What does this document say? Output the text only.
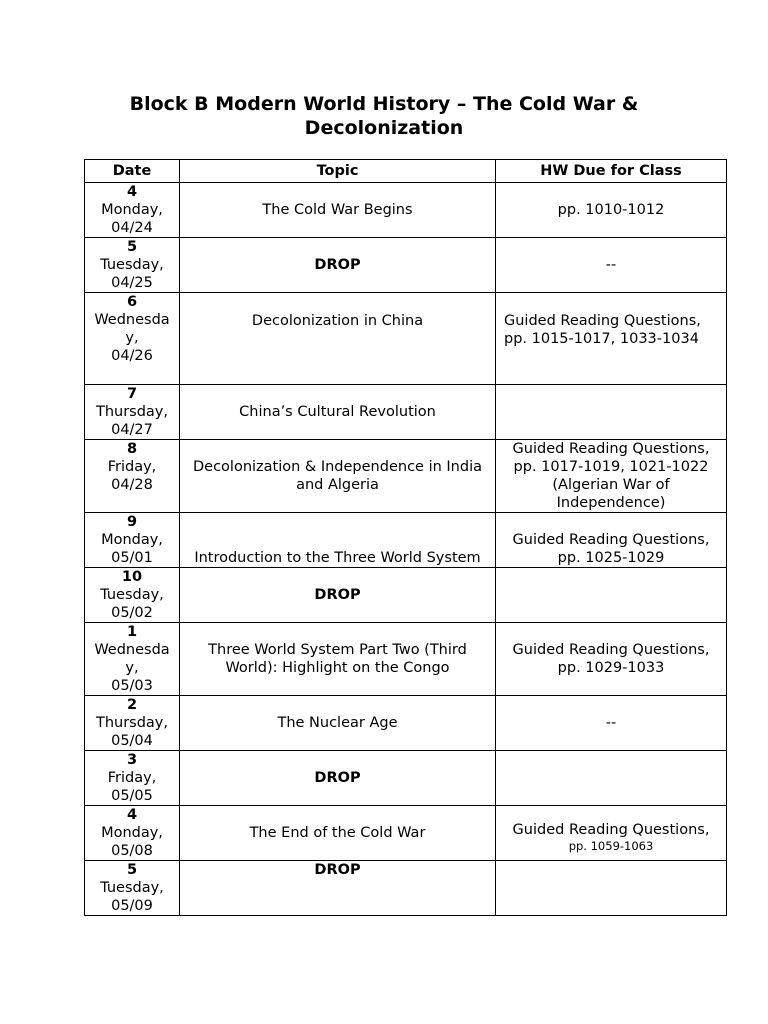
Block B Modern World History – The Cold War &
Decolonization
Date	Topic	HW Due for Class

4
Monday,
04/24	The Cold War Begins	pp. 1010-1012

5
Tuesday,
04/25	DROP	--

6
Wednesda
y,
04/26	Decolonization in China	Guided Reading Questions,
pp. 1015-1017, 1033-1034

7
Thursday,
04/27	China’s Cultural Revolution	

8
Friday,
04/28	Decolonization & Independence in India
and Algeria	Guided Reading Questions,
pp. 1017-1019, 1021-1022
(Algerian War of
Independence)

9
Monday,
05/01	Introduction to the Three World System	Guided Reading Questions,
pp. 1025-1029

10
Tuesday,
05/02	DROP	

1
Wednesda
y,
05/03	Three World System Part Two (Third
World): Highlight on the Congo	Guided Reading Questions,
pp. 1029-1033

2
Thursday,
05/04	The Nuclear Age	--

3
Friday,
05/05	DROP	

4
Monday,
05/08	The End of the Cold War	Guided Reading Questions,
pp. 1059-1063

5
Tuesday,
05/09	DROP	
